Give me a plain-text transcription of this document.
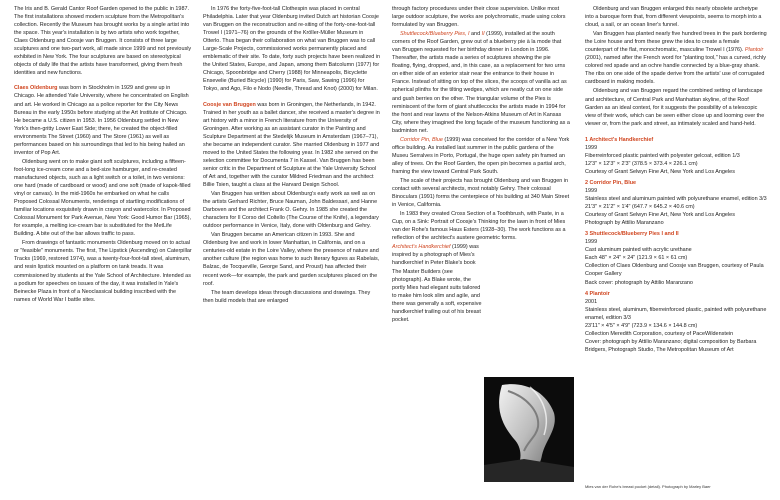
The Iris and B. Gerald Cantor Roof Garden opened to the public in 1987. The first installations showed modern sculpture from the Metropolitan's collection. Recently the Museum has brought works by a single artist into the space. This year's installation is by two artists who work together, Claes Oldenburg and Coosje van Bruggen. It consists of three large sculptures and one two-part work, all made since 1999 and not previously exhibited in New York. The four sculptures are based on stereotypical objects of daily life that the artists have transformed, giving them fresh identities and new functions.

Claes Oldenburg was born in Stockholm in 1929 and grew up in Chicago. He attended Yale University, where he concentrated on English and art. He worked in Chicago as a police reporter for the City News Bureau in the early 1950s before studying at the Art Institute of Chicago. He became a U.S. citizen in 1953. In 1956 Oldenburg settled in New York's then-gritty Lower East Side; there, he created the object-filled environments The Street (1960) and The Store (1961) as well as performances based on his surroundings that led to his being hailed an inventor of Pop Art.

Oldenburg went on to make giant soft sculptures, including a fifteen-foot-long ice-cream cone and a bed-size hamburger, and re-created manufactured objects, such as a light switch or a toilet, in two versions: one hard (made of cardboard or wood) and one soft (made of kapok-filled vinyl or canvas). In the mid-1960s he embarked on what he calls Proposed Colossal Monuments, renderings of startling modifications of familiar locations exquisitely drawn in crayon and watercolor. In Proposed Colossal Monument for Park Avenue, New York: Good Humor Bar (1965), for example, a melting ice-cream bar is substituted for the MetLife Building. A bite out of the bar allows traffic to pass.

From drawings of fantastic monuments Oldenburg moved on to actual or "feasible" monuments. The first, The Lipstick (Ascending) on Caterpillar Tracks (1969, restored 1974), was a twenty-four-foot-tall steel, aluminum, and resin lipstick mounted on a platform on tank treads. It was commissioned by students at the Yale School of Architecture. Intended as a podium for speeches on issues of the day, it was installed in Yale's Beinecke Plaza in front of a Neoclassical building inscribed with the names of World War I battle sites.

In 1976 the forty-five-foot-tall Clothespin was placed in central Philadelphia. Later that year Oldenburg invited Dutch art historian Coosje van Bruggen on the reconstruction and re-siting of the forty-one-foot-tall Trowel I (1971–76) on the grounds of the Kröller-Müller Museum in Otterlo. Thus began their collaboration on what van Bruggen was to call Large-Scale Projects, commissioned works permanently placed and emblematic of their site. To date, forty such projects have been realized in the United States, Europe, and Japan, among them Batcolumn (1977) for Chicago, Spoonbridge and Cherry (1988) for Minneapolis, Bicyclette Ensevelie (Buried Bicycle) (1990) for Paris, Saw, Sawing (1996) for Tokyo, and Ago, Filo e Nodo (Needle, Thread and Knot) (2000) for Milan.

Coosje van Bruggen was born in Groningen, the Netherlands, in 1942. Trained in her youth as a ballet dancer, she received a master's degree in art history with a minor in French literature from the University of Groningen. After working as an assistant curator in the Painting and Sculpture Department at the Stedelijk Museum in Amsterdam (1967–71), she became an independent curator. She married Oldenburg in 1977 and moved to the United States the following year. In 1982 she served on the selection committee for Documenta 7 in Kassel. Van Bruggen has been senior critic in the Department of Sculpture at the Yale University School of Art and, together with the curator Mildred Friedman and the architect Billie Tsien, taught a class at the Harvard Design School.

Van Bruggen has written about Oldenburg's early work as well as on the artists Gerhard Richter, Bruce Nauman, John Baldessari, and Hanne Darboven and the architect Frank O. Gehry. In 1985 she created the characters for Il Corso del Coltello (The Course of the Knife), a legendary outdoor performance in Venice, Italy, done with Oldenburg and Gehry.

Van Bruggen became an American citizen in 1993. She and Oldenburg live and work in lower Manhattan, in California, and on a centuries-old estate in the Loire Valley, where the presence of nature and another culture (the region was home to such literary figures as Rabelais, Balzac, de Tocqueville, George Sand, and Proust) has affected their recent work—for example, the park and garden sculptures placed on the roof.

The team develops ideas through discussions and drawings. They then build models that are enlarged

through factory procedures under their close supervision. Unlike most large outdoor sculpture, the works are polychromatic, made using colors formulated by van Bruggen.

Shuttlecock/Blueberry Pies, I and II (1999), installed at the south corners of the Roof Garden, grew out of a blueberry pie à la mode that van Bruggen requested for her birthday dinner in London in 1996. Thereafter, the artists made a series of sculptures showing the pie floating, flying, dropped, and, in this case, as a replacement for two urns on either side of an exterior stair near the entrance to their house in France. Instead of sitting on top of the slices, the scoops of vanilla act as spherical plinths for the tilting wedges, which are neatly cut on one side and gush berries on the other. The triangular volume of the Pies is reminiscent of the form of giant shuttlecocks the artists made in 1994 for the front and rear lawns of the Nelson-Atkins Museum of Art in Kansas City, where they imagined the long façade of the museum functioning as a badminton net.

Corridor Pin, Blue (1999) was conceived for the corridor of a New York office building. As installed last summer in the public gardens of the Museu Serralves in Porto, Portugal, the huge open safety pin framed an alley of trees. On the Roof Garden, the open pin becomes a partial arch, framing the view toward Central Park South.

The scale of their projects has brought Oldenburg and van Bruggen in contact with several architects, most notably Gehry. Their colossal Binoculars (1991) forms the centerpiece of his building at 340 Main Street in Venice, California.

In 1983 they created Cross Section of a Toothbrush, with Paste, in a Cup, on a Sink: Portrait of Coosje's Thinking for the lawn in front of Mies van der Rohe's famous Haus Esters (1928–30). The work functions as a reflection of the architect's austere geometric forms.

Architect's Handkerchief (1999) was inspired by a photograph of Mies's handkerchief in Peter Blake's book The Master Builders (see photograph). As Blake wrote, the portly Mies had elegant suits tailored to make him look slim and agile, and there was generally a soft, expensive handkerchief trailing out of his breast pocket.

Oldenburg and van Bruggen enlarged this nearly obsolete archetype into a baroque form that, from different viewpoints, seems to morph into a cloud, a sail, or an ocean liner's funnel.

Van Bruggen has planted nearly five hundred trees in the park bordering the Loire house and from these grew the idea to create a female counterpart of the flat, monochromatic, masculine Trowel I (1976). Plantoir (2001), named after the French word for "planting tool," has a curved, richly colored red spade and an ochre handle connected by a blue-gray shank. The ribs on one side of the spade derive from the artists' use of corrugated cardboard in making models.

Oldenburg and van Bruggen regard the combined setting of landscape and architecture, of Central Park and Manhattan skyline, of the Roof Garden as an ideal context, for it suggests the possibility of a telescopic view of their work, which can be seen either close up and looming over the viewer or, from the park and street, as intimately scaled and hand-held.

1 Architect's Handkerchief
1999
Fiberreinforced plastic painted with polyester gelcoat, edition 1/3
12'3" × 12'3" × 2'3" (378.5 × 373.4 × 226.1 cm)
Courtesy of Grant Selwyn Fine Art, New York and Los Angeles
2 Corridor Pin, Blue
1999
Stainless steel and aluminum painted with polyurethane enamel, edition 3/3
21'3" × 21'2" × 1'4" (647.7 × 645.2 × 40.6 cm)
Courtesy of Grant Selwyn Fine Art, New York and Los Angeles
Photograph by Attilio Maranzano
3 Shuttlecock/Blueberry Pies I and II
1999
Cast aluminum painted with acrylic urethane
Each 48" × 24" × 24" (121.9 × 61 × 61 cm)
Collection of Claes Oldenburg and Coosje van Bruggen, courtesy of Paula Cooper Gallery
Back cover: photograph by Attilio Maranzano
4 Plantoir
2001
Stainless steel, aluminum, fiberreinforced plastic, painted with polyurethane enamel, edition 3/3
23'11" × 4'5" × 4'9" (723.9 × 134.6 × 144.8 cm)
Collection Meredith Corporation, courtesy of PaceWildenstein
Cover: photograph by Attilio Maranzano; digital composition by Barbara Bridgers, Photograph Studio, The Metropolitan Museum of Art
Mies van der Rohe's breast pocket (detail). Photograph by Marley Baer
